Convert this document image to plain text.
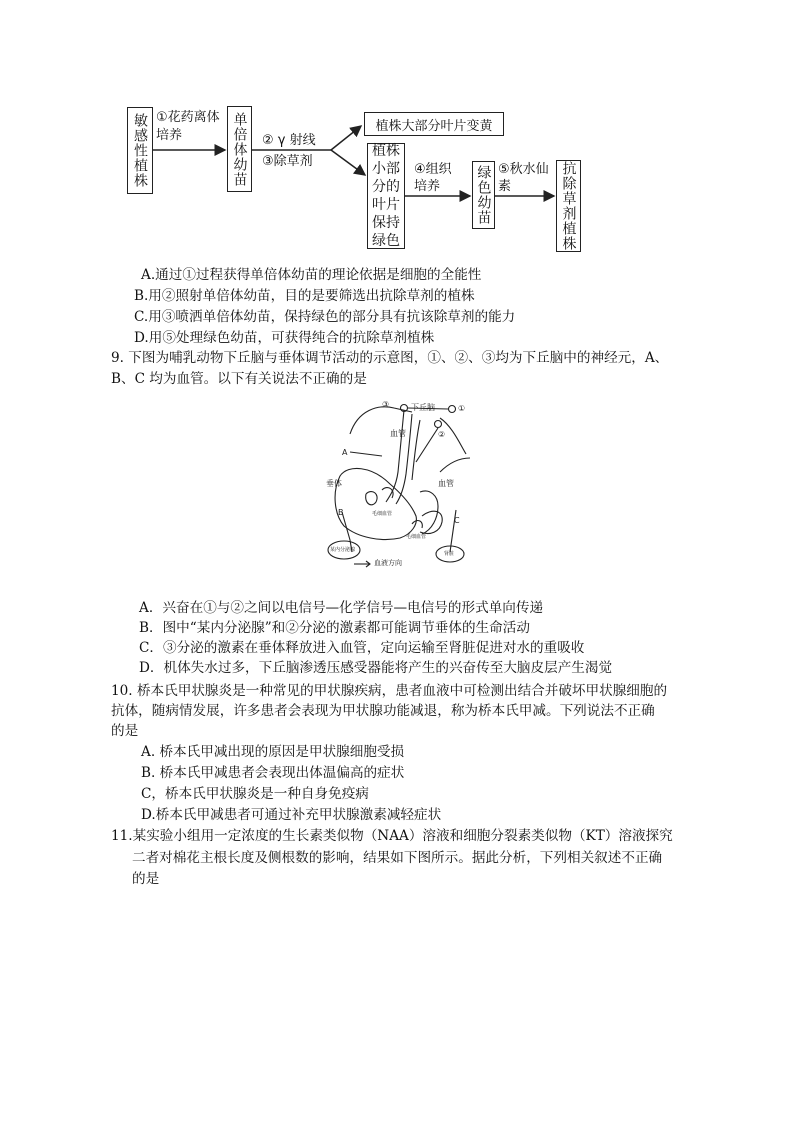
敏感性植株 ①花药离体培养	单倍体幼苗 ② γ 射线
③除草剂
植株大部分叶片变黄
植株小部分的叶片保持绿色
④组织培养	绿色幼苗 ⑤秋水仙素	抗除草剂植株
A.通过①过程获得单倍体幼苗的理论依据是细胞的全能性
B.用②照射单倍体幼苗，目的是要筛选出抗除草剂的植株
C.用③喷洒单倍体幼苗，保持绿色的部分具有抗该除草剂的能力
D.用⑤处理绿色幼苗，可获得纯合的抗除草剂植株
9. 下图为哺乳动物下丘脑与垂体调节活动的示意图，①、②、③均为下丘脑中的神经元，A、
B、C 均为血管。以下有关说法不正确的是
③	下丘脑	①
血管	②
A
垂体	血管
B	毛细血管
C
毛细血管
某内分泌腺
肾脏
血液方向
A．兴奋在①与②之间以电信号—化学信号—电信号的形式单向传递
B．图中“某内分泌腺”和②分泌的激素都可能调节垂体的生命活动
C．③分泌的激素在垂体释放进入血管，定向运输至肾脏促进对水的重吸收
D．机体失水过多，下丘脑渗透压感受器能将产生的兴奋传至大脑皮层产生渴觉
10. 桥本氏甲状腺炎是一种常见的甲状腺疾病，患者血液中可检测出结合并破坏甲状腺细胞的
抗体，随病情发展，许多患者会表现为甲状腺功能减退，称为桥本氏甲减。下列说法不正确
的是
A. 桥本氏甲减出现的原因是甲状腺细胞受损
B. 桥本氏甲减患者会表现出体温偏高的症状
C，桥本氏甲状腺炎是一种自身免疫病
D.桥本氏甲减患者可通过补充甲状腺激素减轻症状
11.某实验小组用一定浓度的生长素类似物（NAA）溶液和细胞分裂素类似物（KT）溶液探究
二者对棉花主根长度及侧根数的影响，结果如下图所示。据此分析，下列相关叙述不正确
的是
